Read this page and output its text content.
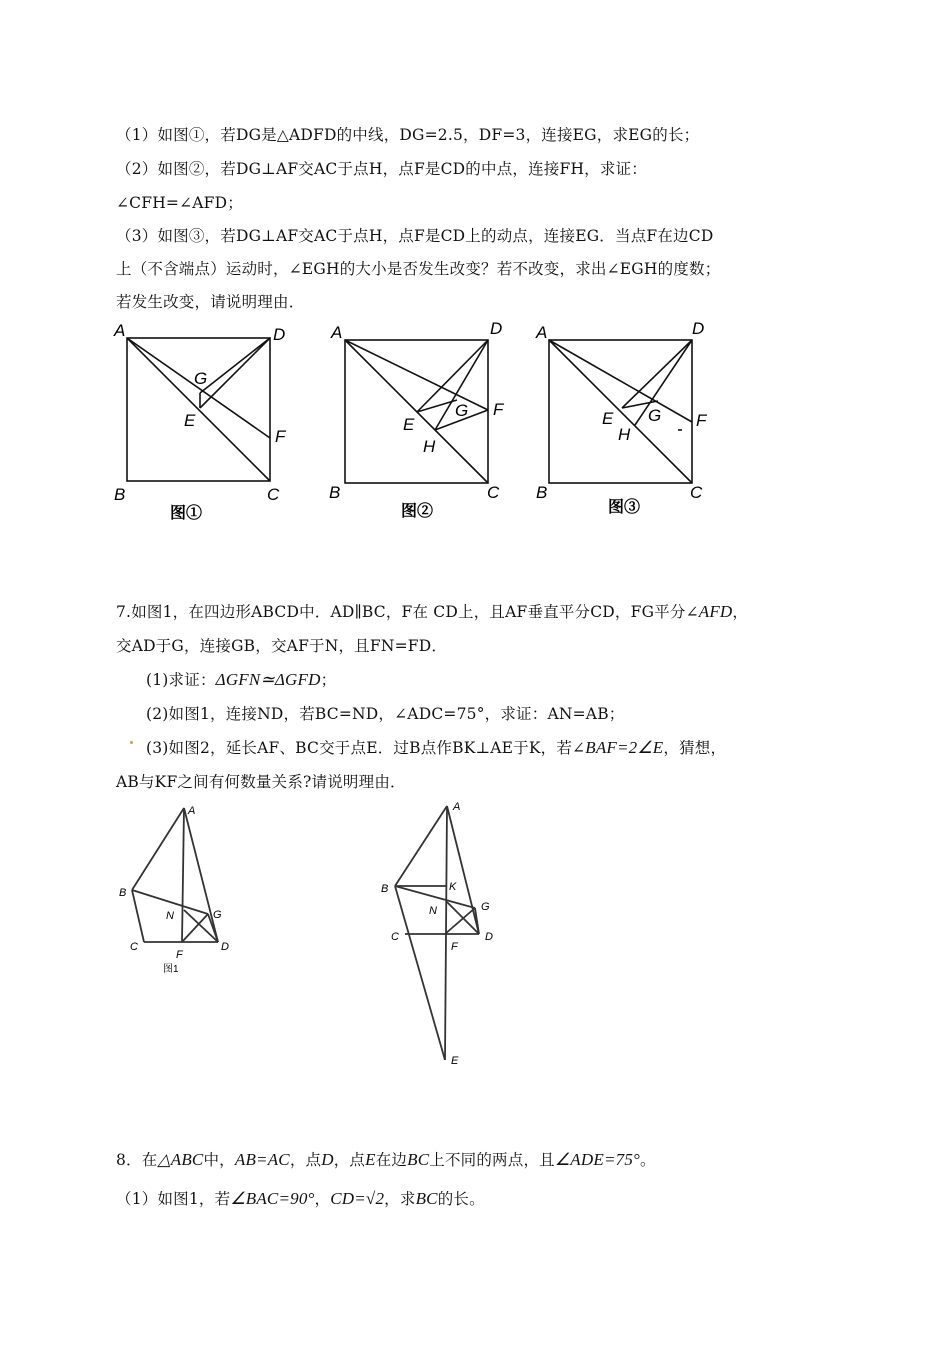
（1）如图①，若DG是△ADFD的中线，DG=2.5，DF=3，连接EG，求EG的长；
（2）如图②，若DG⊥AF交AC于点H，点F是CD的中点，连接FH，求证：
∠CFH=∠AFD；
（3）如图③，若DG⊥AF交AC于点H，点F是CD上的动点，连接EG．当点F在边CD
上（不含端点）运动时，∠EGH的大小是否发生改变？若不改变，求出∠EGH的度数；
若发生改变，请说明理由．
A	D
B	C
G
E
F
图①
A	D
B	C
G
E
H
F
图②
A	D
B	C
G
E
H
F
图③
7.如图1，在四边形ABCD中．AD∥BC，F在 CD上，且AF垂直平分CD，FG平分∠AFD，
交AD于G，连接GB，交AF于N，且FN=FD．
(1)求证：ΔGFN≃ΔGFD；
(2)如图1，连接ND，若BC=ND，∠ADC=75°，求证：AN=AB；
(3)如图2，延长AF、BC交于点E．过B点作BK⊥AE于K，若∠BAF=2∠E，猜想，
AB与KF之间有何数量关系?请说明理由．
A
B
C	D
F
G
N
图1
A
B	K
N	G
C
F
D
E
8．在△ABC中，AB=AC，点D，点E在边BC上不同的两点，且∠ADE=75°。
（1）如图1，若∠BAC=90°，CD=√2，求BC的长。
